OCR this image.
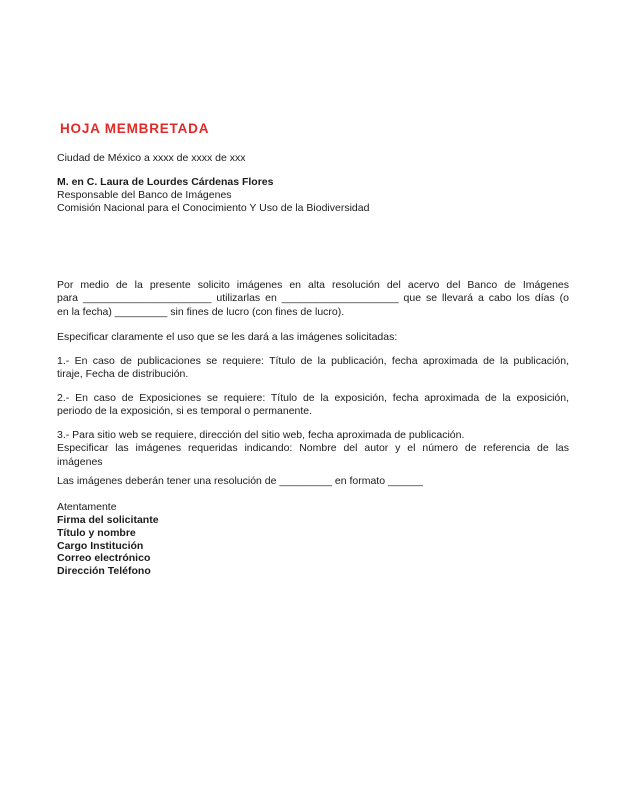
HOJA MEMBRETADA
Ciudad de México a xxxx de xxxx de xxx
M. en C. Laura de Lourdes Cárdenas Flores
Responsable del Banco de Imágenes
Comisión Nacional para el Conocimiento Y Uso de la Biodiversidad
Por medio de la presente solicito imágenes en alta resolución del acervo del Banco de Imágenes
para ______________________ utilizarlas en ____________________ que se llevará a cabo los días (o
en la fecha) _________ sin fines de lucro (con fines de lucro).
Especificar claramente el uso que se les dará a las imágenes solicitadas:
1.- En caso de publicaciones se requiere: Título de la publicación, fecha aproximada de la publicación,
tiraje, Fecha de distribución.
2.- En caso de Exposiciones se requiere: Título de la exposición, fecha aproximada de la exposición,
periodo de la exposición, si es temporal o permanente.
3.- Para sitio web se requiere, dirección del sitio web, fecha aproximada de publicación.
Especificar las imágenes requeridas indicando: Nombre del autor y el número de referencia de las
imágenes
Las imágenes deberán tener una resolución de _________ en formato ______
Atentamente
Firma del solicitante
Título y nombre
Cargo Institución
Correo electrónico
Dirección Teléfono
